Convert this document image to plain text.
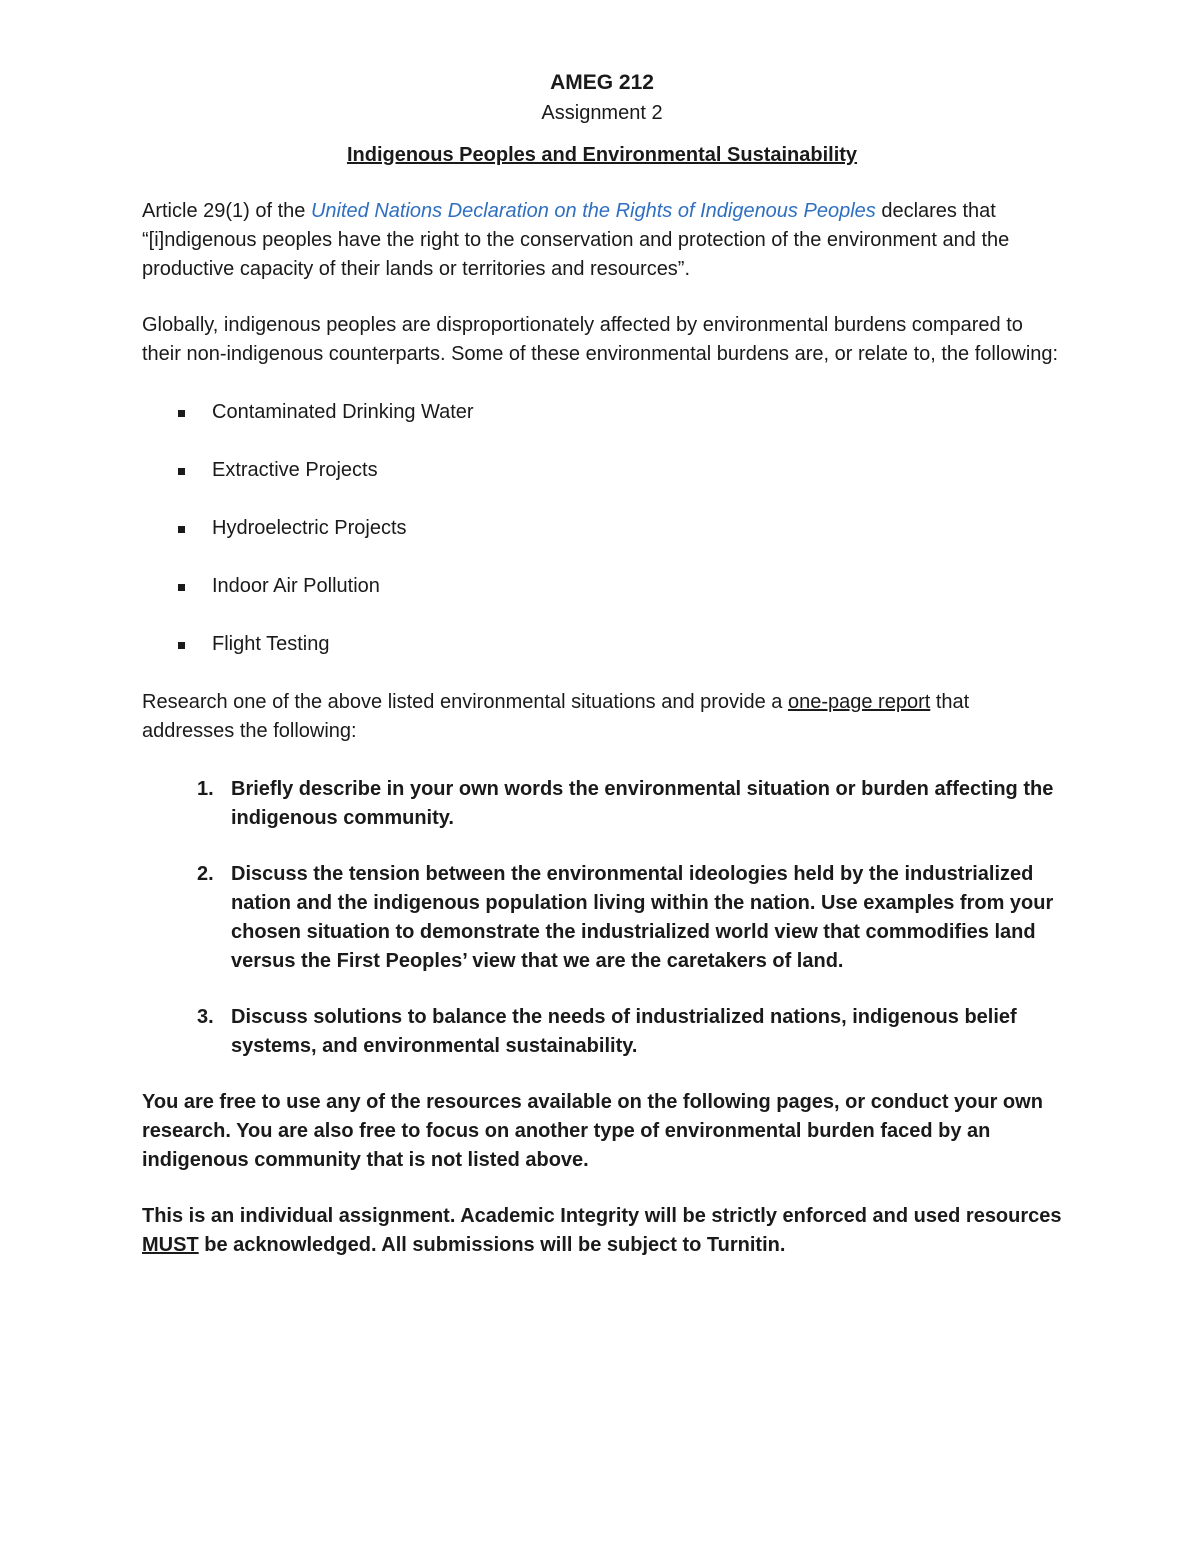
AMEG 212

Assignment 2

Indigenous Peoples and Environmental Sustainability

Article 29(1) of the United Nations Declaration on the Rights of Indigenous Peoples declares that “[i]ndigenous peoples have the right to the conservation and protection of the environment and the productive capacity of their lands or territories and resources”.

Globally, indigenous peoples are disproportionately affected by environmental burdens compared to their non-indigenous counterparts. Some of these environmental burdens are, or relate to, the following:

Contaminated Drinking Water
Extractive Projects
Hydroelectric Projects
Indoor Air Pollution
Flight Testing

Research one of the above listed environmental situations and provide a one-page report that addresses the following:

1. Briefly describe in your own words the environmental situation or burden affecting the indigenous community.
2. Discuss the tension between the environmental ideologies held by the industrialized nation and the indigenous population living within the nation. Use examples from your chosen situation to demonstrate the industrialized world view that commodifies land versus the First Peoples’ view that we are the caretakers of land.
3. Discuss solutions to balance the needs of industrialized nations, indigenous belief systems, and environmental sustainability.

You are free to use any of the resources available on the following pages, or conduct your own research. You are also free to focus on another type of environmental burden faced by an indigenous community that is not listed above.

This is an individual assignment. Academic Integrity will be strictly enforced and used resources MUST be acknowledged. All submissions will be subject to Turnitin.
